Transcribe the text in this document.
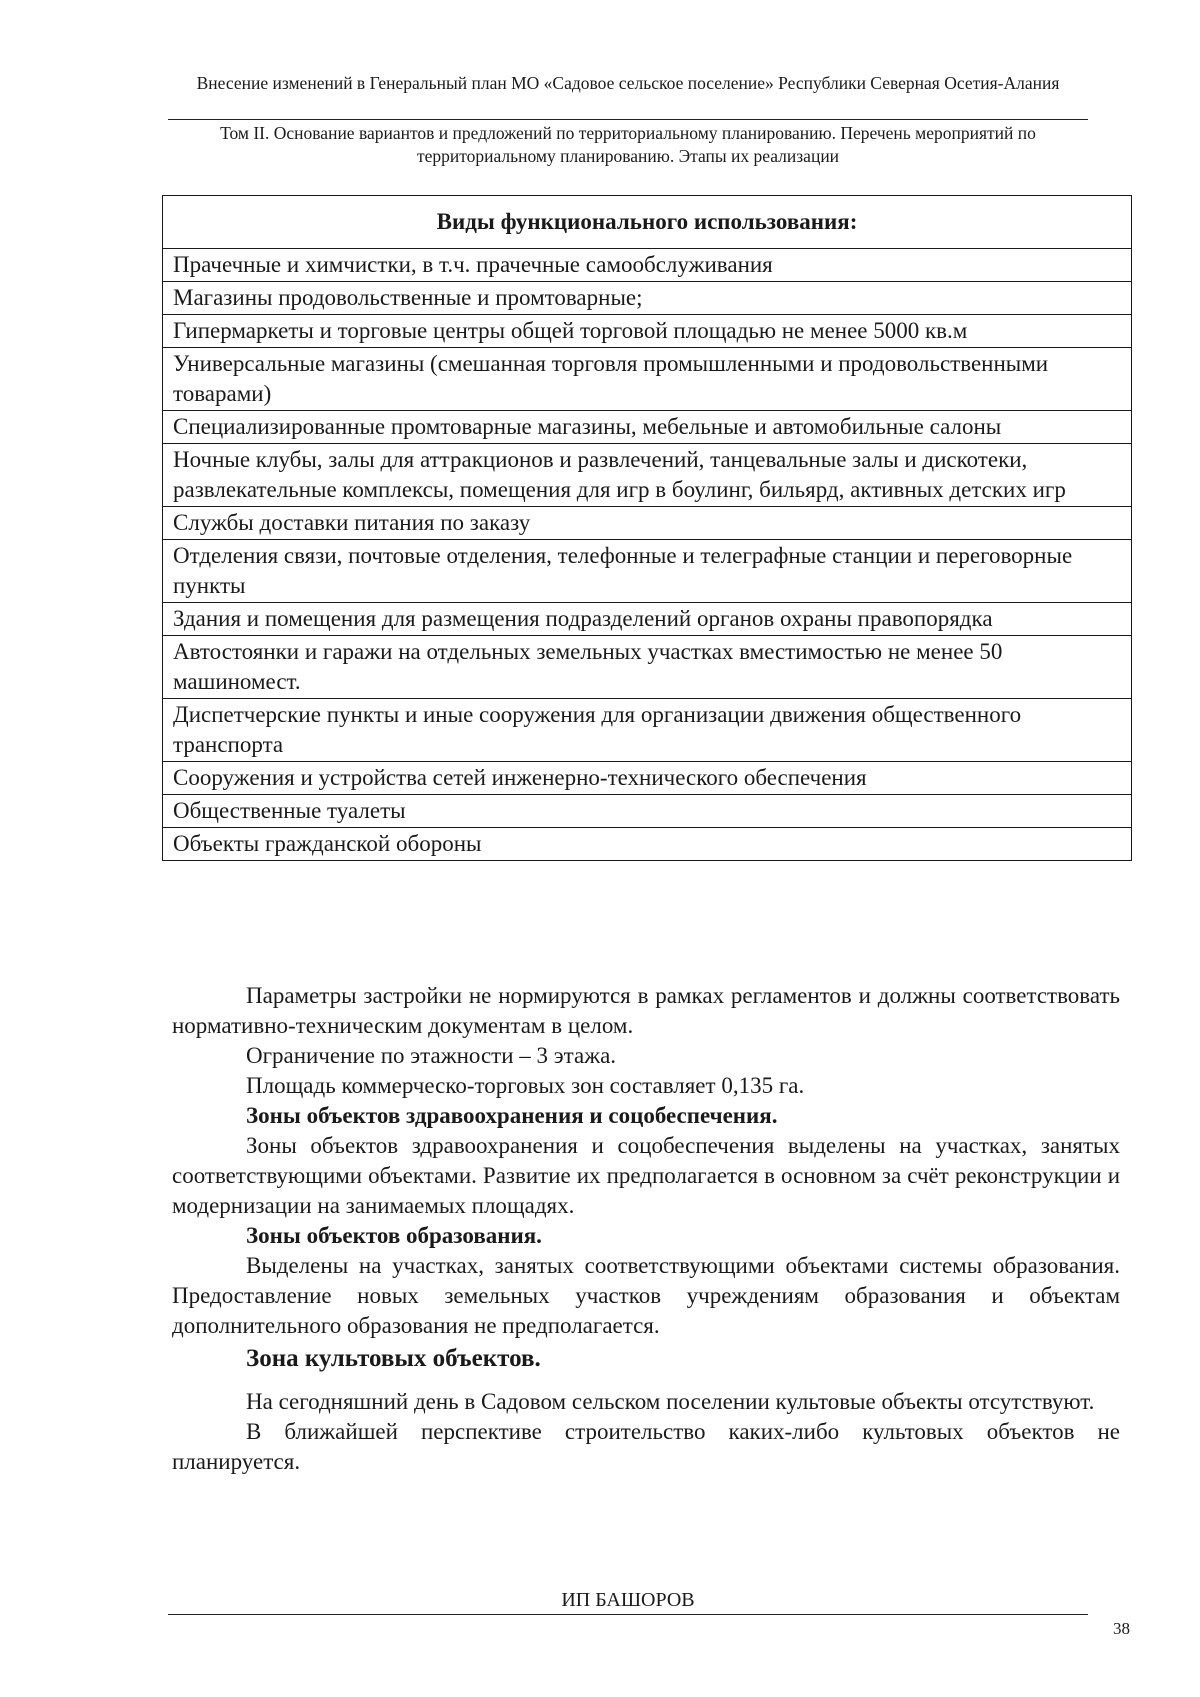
Внесение изменений в Генеральный план МО «Садовое сельское поселение» Республики Северная Осетия-Алания
Том II. Основание вариантов и предложений по территориальному планированию. Перечень мероприятий по территориальному планированию. Этапы их реализации
Виды функционального использования:
Прачечные и химчистки, в т.ч. прачечные самообслуживания
Магазины продовольственные и промтоварные;
Гипермаркеты и торговые центры общей торговой площадью не менее 5000 кв.м
Универсальные магазины (смешанная торговля промышленными и продовольственными товарами)
Специализированные промтоварные магазины, мебельные и автомобильные салоны
Ночные клубы, залы для аттракционов и развлечений, танцевальные залы и дискотеки, развлекательные комплексы, помещения для игр в боулинг, бильярд, активных детских игр
Службы доставки питания по заказу
Отделения связи, почтовые отделения, телефонные и телеграфные станции и переговорные пункты
Здания и помещения для размещения подразделений органов охраны правопорядка
Автостоянки и гаражи на отдельных земельных участках вместимостью не менее 50 машиномест.
Диспетчерские пункты и иные сооружения для организации движения общественного транспорта
Сооружения и устройства сетей инженерно-технического обеспечения
Общественные туалеты
Объекты гражданской обороны

Параметры застройки не нормируются в рамках регламентов и должны соответствовать нормативно-техническим документам в целом.

Ограничение по этажности – 3 этажа.

Площадь коммерческо-торговых зон составляет 0,135 га.

Зоны объектов здравоохранения и соцобеспечения.

Зоны объектов здравоохранения и соцобеспечения выделены на участках, занятых соответствующими объектами. Развитие их предполагается в основном за счёт реконструкции и модернизации на занимаемых площадях.

Зоны объектов образования.

Выделены на участках, занятых соответствующими объектами системы образования. Предоставление новых земельных участков учреждениям образования и объектам дополнительного образования не предполагается.

Зона культовых объектов.

На сегодняшний день в Садовом сельском поселении культовые объекты отсутствуют.

В ближайшей перспективе строительство каких-либо культовых объектов не планируется.

ИП БАШОРОВ
38
